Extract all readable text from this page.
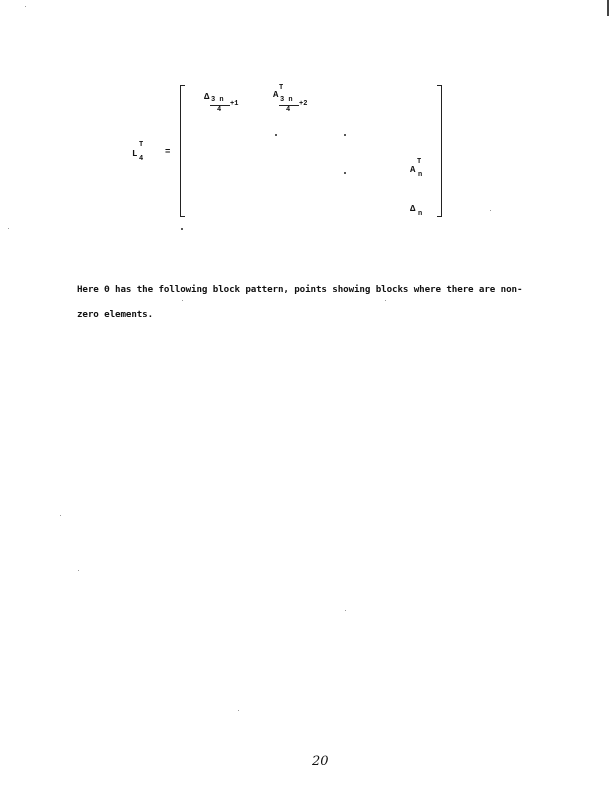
L
T
4
=
Δ 3 n
4
+1
A
T
3 n
4
+2
A
T
n
Δ n
Here Θ has the following block pattern, points showing blocks where there are non-
zero elements.
20
